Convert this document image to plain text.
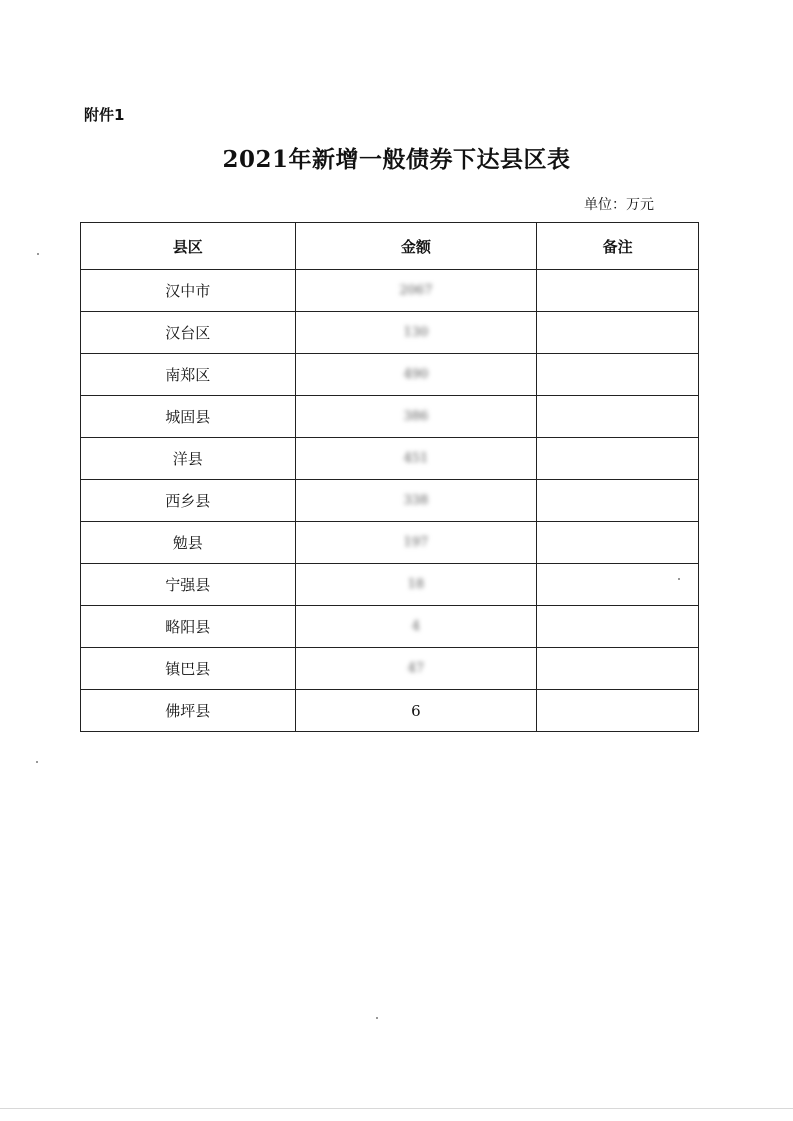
附件1
2021年新增一般债券下达县区表
单位：万元
县区	金额	备注
汉中市	2067	
汉台区	130	
南郑区	490	
城固县	386	
洋县	451	
西乡县	338	
勉县	197	
宁强县	18	
略阳县	4	
镇巴县	47	
佛坪县	6	
